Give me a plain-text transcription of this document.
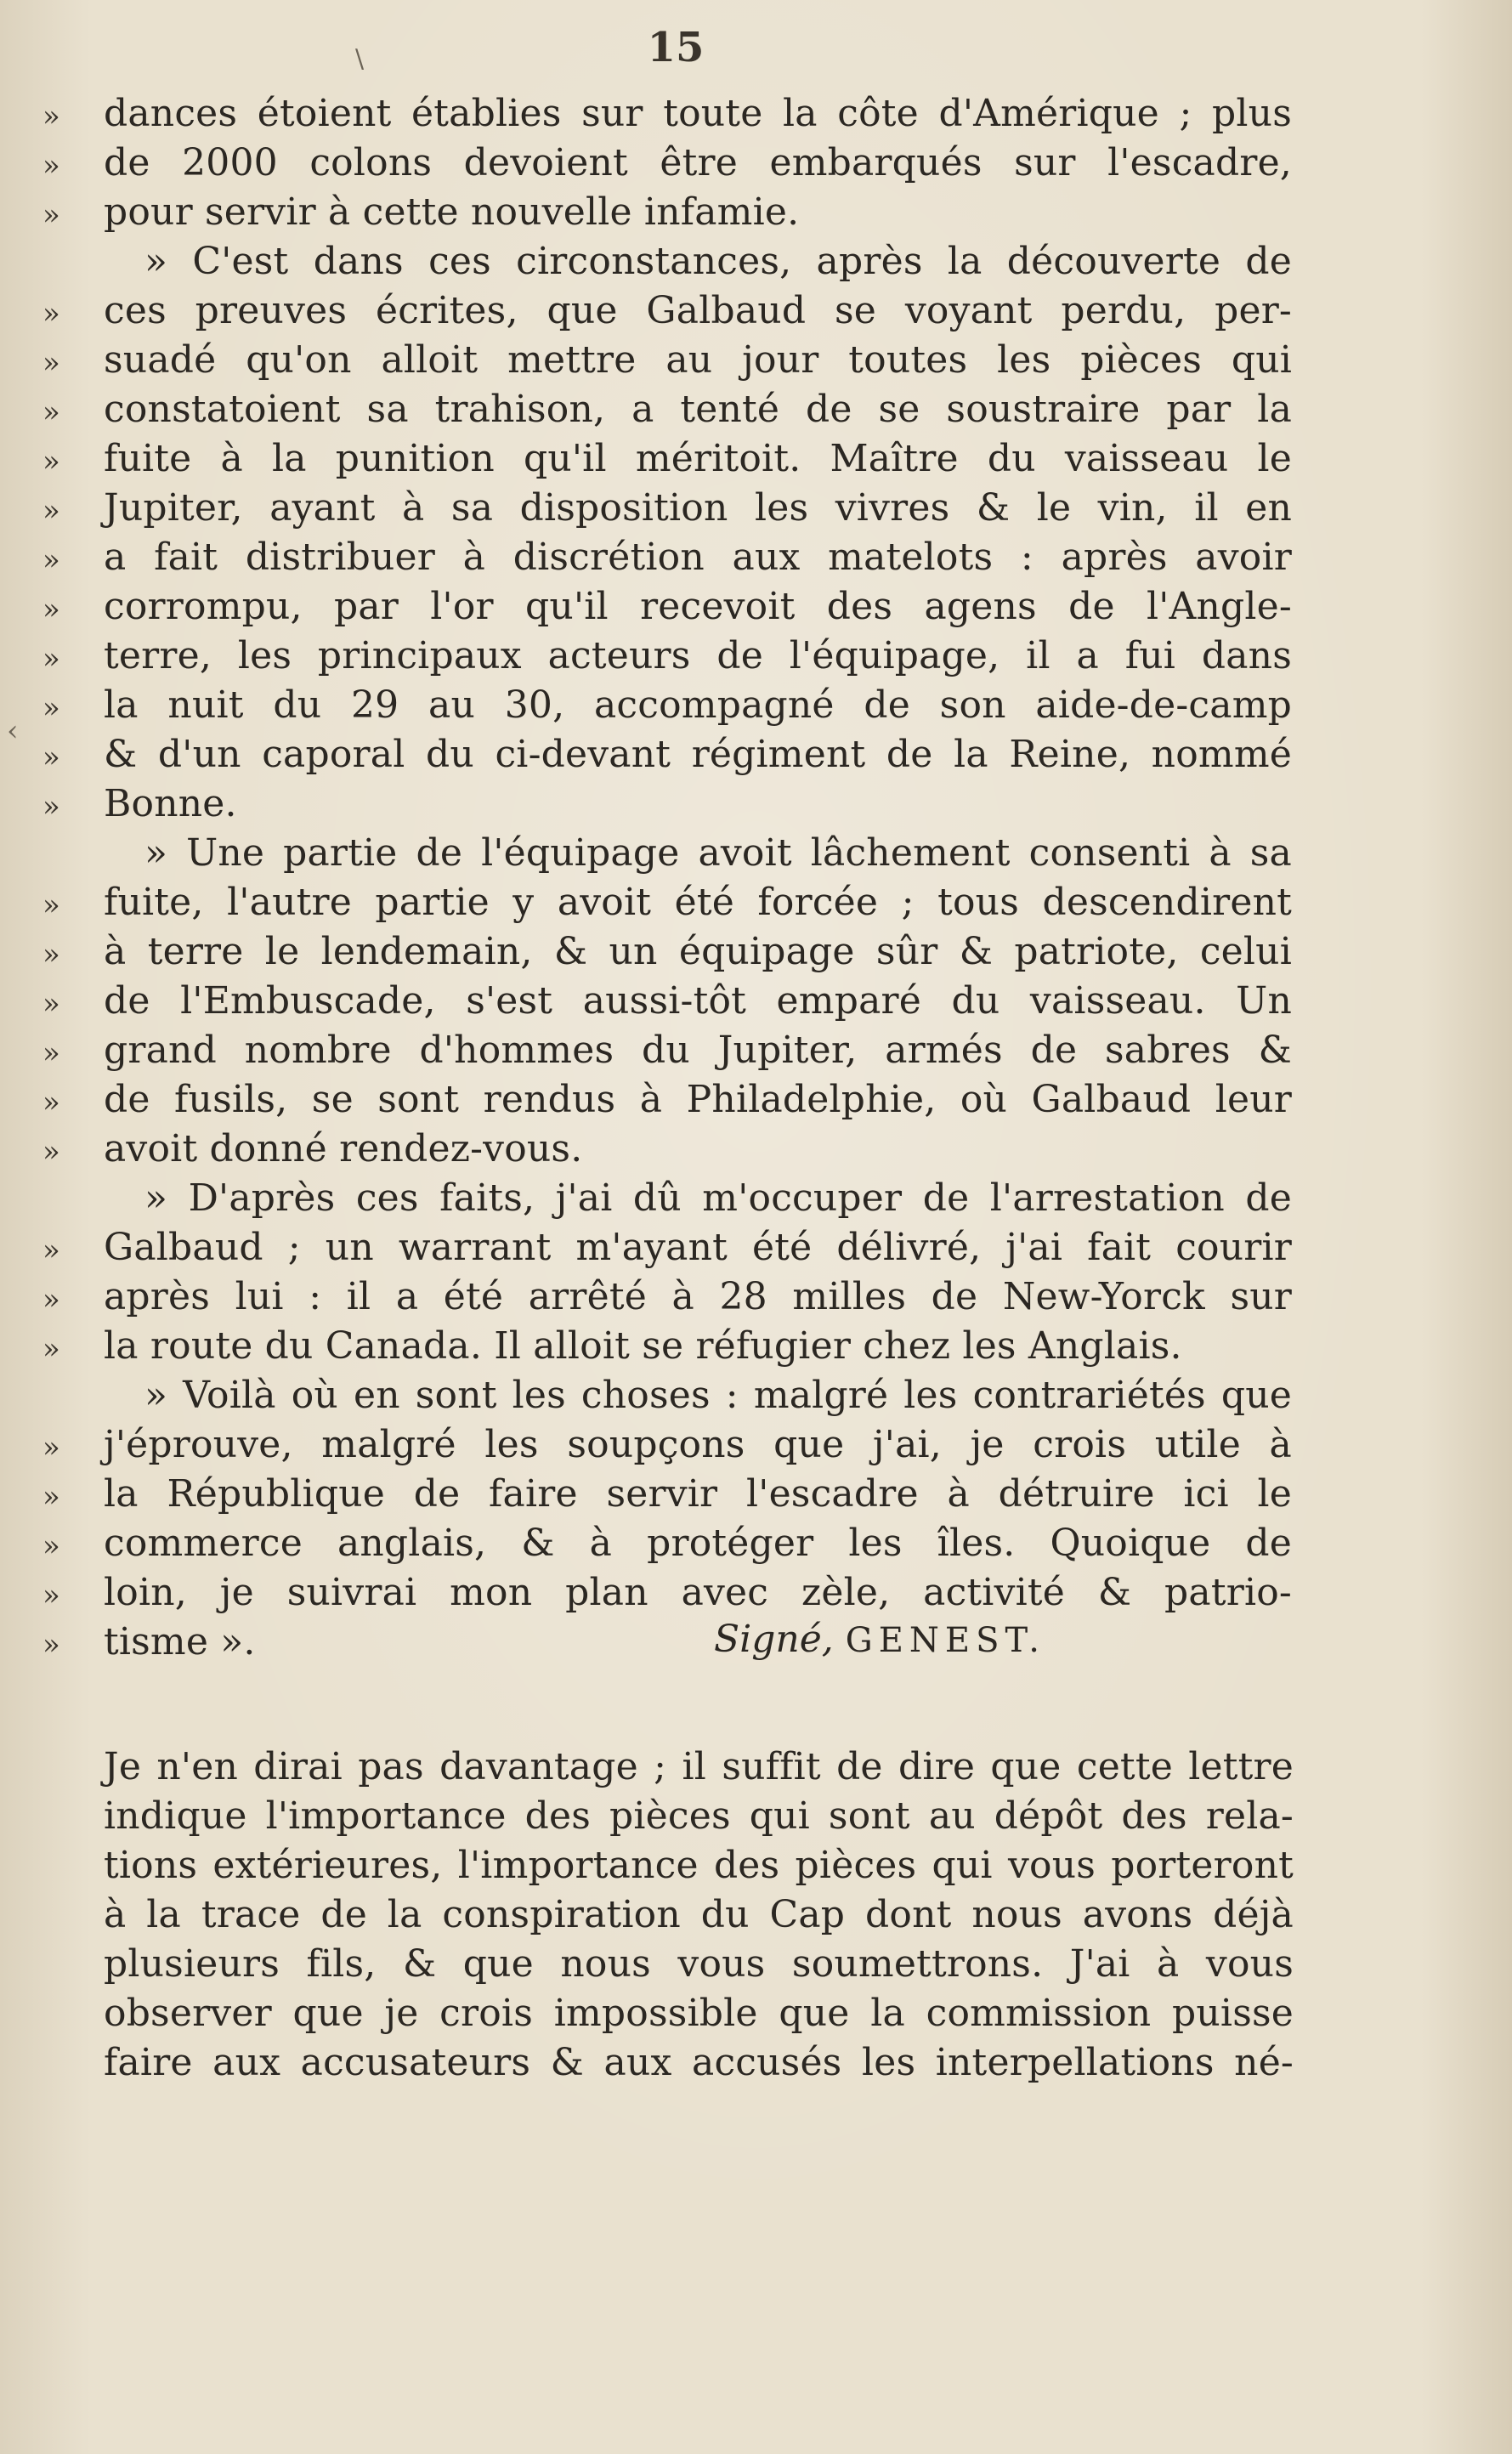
15
\
‹
»	dances étoient établies sur toute la côte d'Amérique ; plus
»	de 2000 colons devoient être embarqués sur l'escadre,
»	pour servir à cette nouvelle infamie.
» C'est dans ces circonstances, après la découverte de
»	ces preuves écrites, que Galbaud se voyant perdu, per-
»	suadé qu'on alloit mettre au jour toutes les pièces qui
»	constatoient sa trahison, a tenté de se soustraire par la
»	fuite à la punition qu'il méritoit. Maître du vaisseau le
»	Jupiter, ayant à sa disposition les vivres & le vin, il en
»	a fait distribuer à discrétion aux matelots : après avoir
»	corrompu, par l'or qu'il recevoit des agens de l'Angle-
»	terre, les principaux acteurs de l'équipage, il a fui dans
»	la nuit du 29 au 30, accompagné de son aide-de-camp
»	& d'un caporal du ci-devant régiment de la Reine, nommé
»	Bonne.
» Une partie de l'équipage avoit lâchement consenti à sa
»	fuite, l'autre partie y avoit été forcée ; tous descendirent
»	à terre le lendemain, & un équipage sûr & patriote, celui
»	de l'Embuscade, s'est aussi-tôt emparé du vaisseau. Un
»	grand nombre d'hommes du Jupiter, armés de sabres &
»	de fusils, se sont rendus à Philadelphie, où Galbaud leur
»	avoit donné rendez-vous.
» D'après ces faits, j'ai dû m'occuper de l'arrestation de
»	Galbaud ; un warrant m'ayant été délivré, j'ai fait courir
»	après lui : il a été arrêté à 28 milles de New-Yorck sur
»	la route du Canada. Il alloit se réfugier chez les Anglais.
» Voilà où en sont les choses : malgré les contrariétés que
»	j'éprouve, malgré les soupçons que j'ai, je crois utile à
»	la République de faire servir l'escadre à détruire ici le
»	commerce anglais, & à protéger les îles. Quoique de
»	loin, je suivrai mon plan avec zèle, activité & patrio-
»	tisme ».	Signé, GENEST.
Je n'en dirai pas davantage ; il suffit de dire que cette lettre
indique l'importance des pièces qui sont au dépôt des rela-
tions extérieures, l'importance des pièces qui vous porteront
à la trace de la conspiration du Cap dont nous avons déjà
plusieurs fils, & que nous vous soumettrons. J'ai à vous
observer que je crois impossible que la commission puisse
faire aux accusateurs & aux accusés les interpellations né-
